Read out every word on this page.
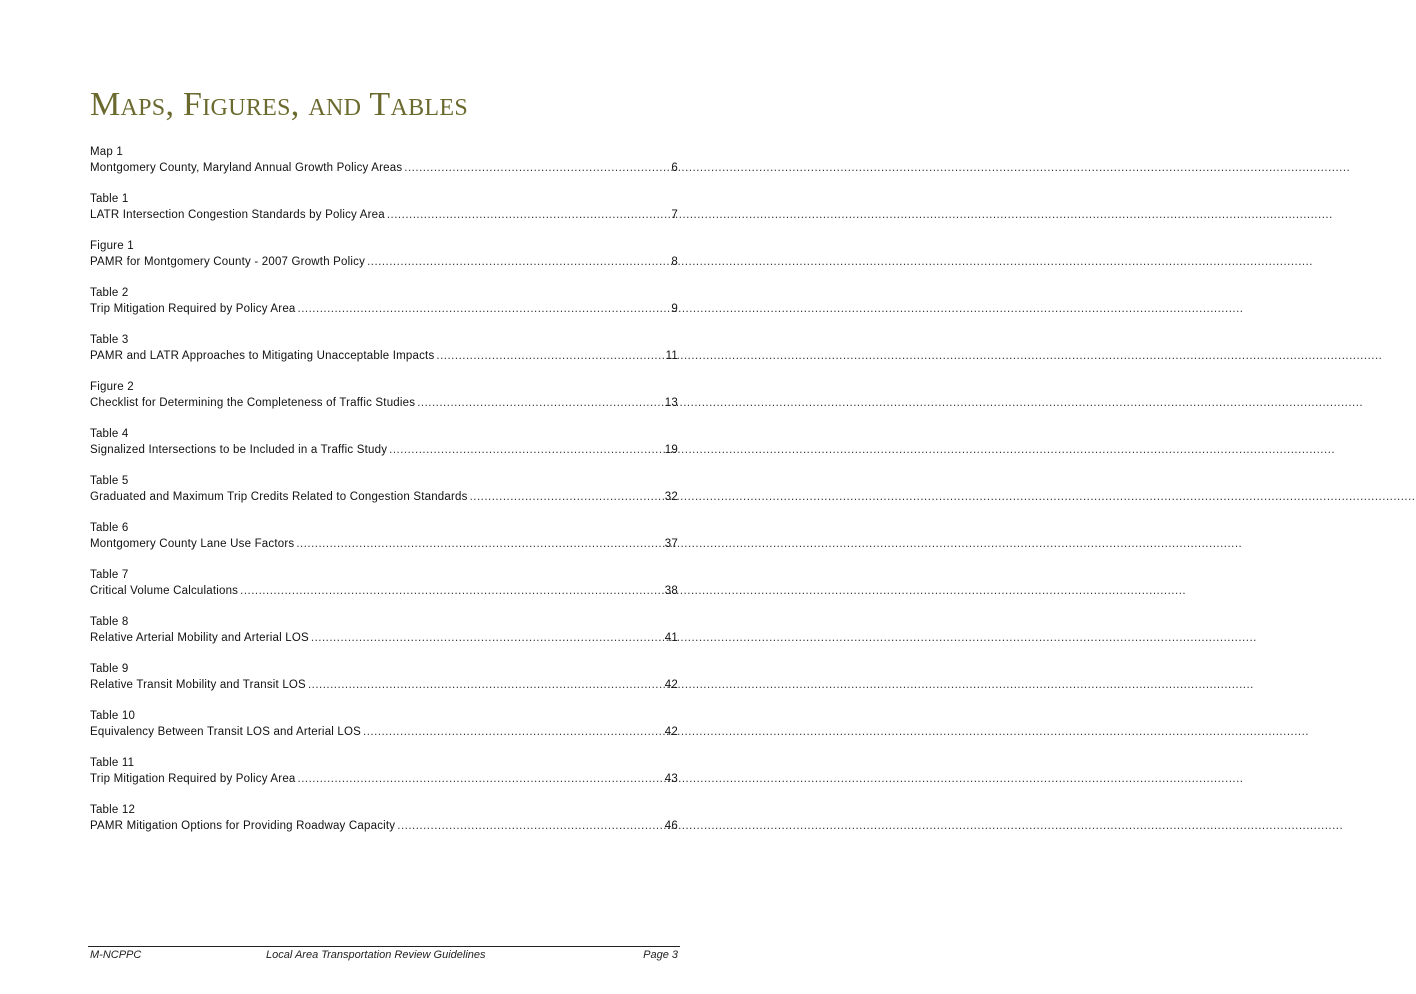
Maps, Figures, and Tables
Map 1
Montgomery County, Maryland Annual Growth Policy Areas .....	6
Table 1
LATR Intersection Congestion Standards by Policy Area .....	7
Figure 1
PAMR for Montgomery County - 2007 Growth Policy .....	8
Table 2
Trip Mitigation Required by Policy Area .....	9
Table 3
PAMR and LATR Approaches to Mitigating Unacceptable Impacts .....	11
Figure 2
Checklist for Determining the Completeness of Traffic Studies .....	13
Table 4
Signalized Intersections to be Included in a Traffic Study .....	19
Table 5
Graduated and Maximum Trip Credits Related to Congestion Standards .....	32
Table 6
Montgomery County Lane Use Factors .....	37
Table 7
Critical Volume Calculations .....	38
Table 8
Relative Arterial Mobility and Arterial LOS .....	41
Table 9
Relative Transit Mobility and Transit LOS .....	42
Table 10
Equivalency Between Transit LOS and Arterial LOS .....	42
Table 11
Trip Mitigation Required by Policy Area .....	43
Table 12
PAMR Mitigation Options for Providing Roadway Capacity .....	46
M-NCPPC	Local Area Transportation Review Guidelines	Page 3
